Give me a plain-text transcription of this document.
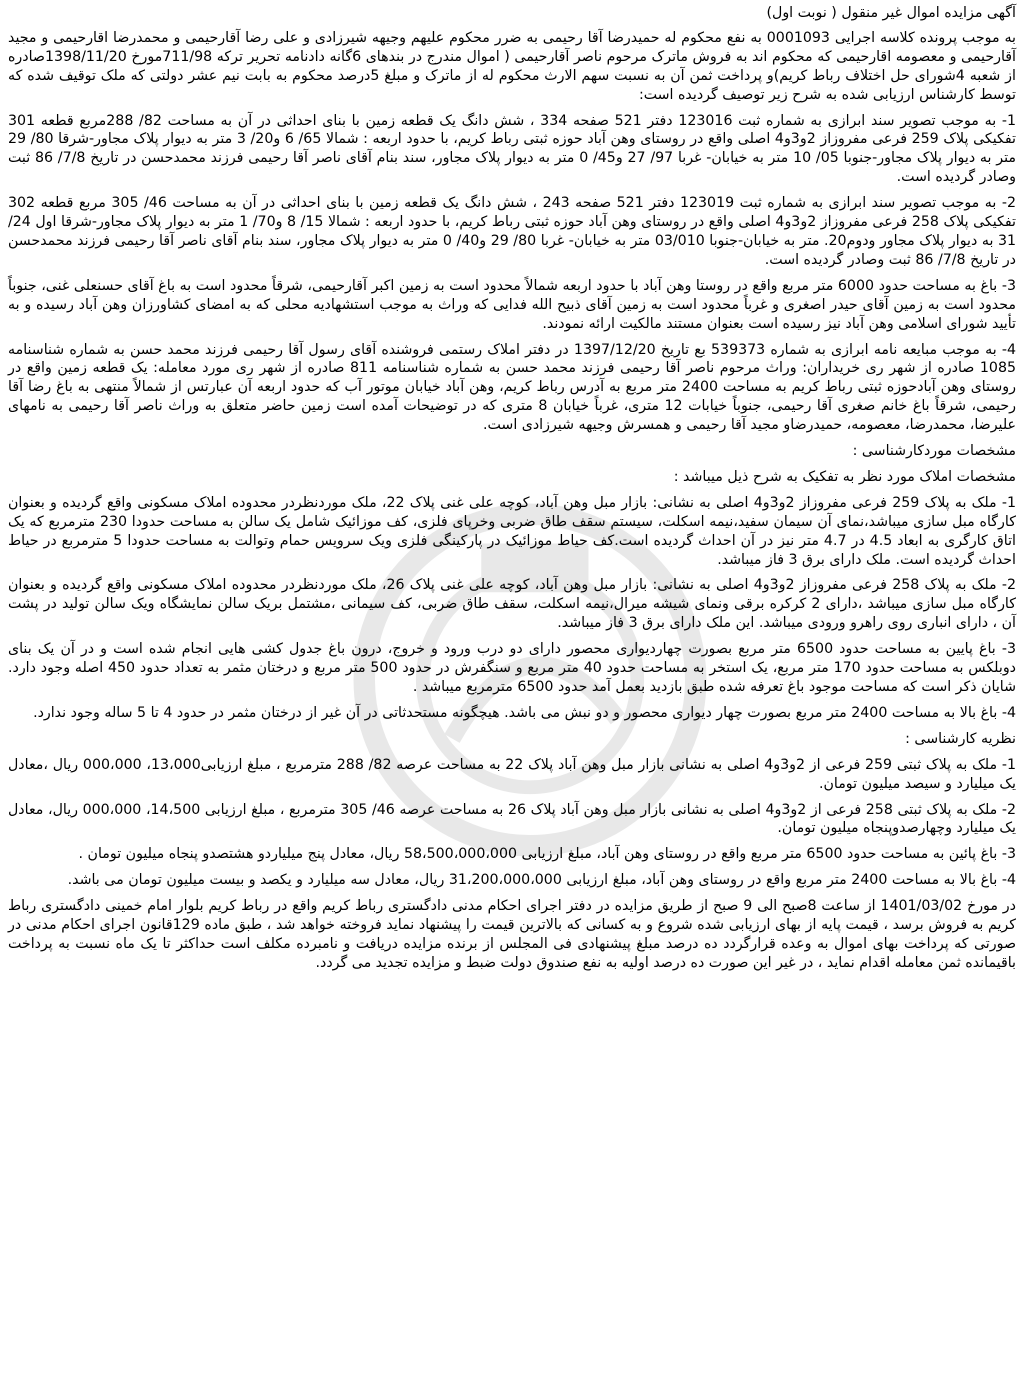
آگهی مزایده اموال غیر منقول ( نوبت اول)

به موجب پرونده کلاسه اجرایی 0001093 به نفع محکوم له حمیدرضا آقا رحیمی به ضرر محکوم علیهم وجیهه شیرزادی و علی رضا آقارحیمی و محمدرضا اقارحیمی و مجید آقارحیمی و معصومه اقارحیمی که محکوم اند به فروش ماترک مرحوم ناصر آقارحیمی ( اموال مندرج در بندهای 6گانه دادنامه تحریر ترکه 711/98مورخ 1398/11/20صادره از شعبه 4شورای حل اختلاف رباط کریم)و پرداخت ثمن آن به نسبت سهم الارث محکوم له از ماترک و مبلغ 5درصد محکوم به بابت نیم عشر دولتی که ملک توقیف شده که توسط کارشناس ارزیابی شده به شرح زیر توصیف گردیده است:

1- به موجب تصویر سند ابرازی به شماره ثبت 123016 دفتر 521 صفحه 334 ، شش دانگ یک قطعه زمین با بنای احداثی در آن به مساحت 82/ 288مربع قطعه 301 تفکیکی پلاک 259 فرعی مفروزاز 2و3و4 اصلی واقع در روستای وهن آباد حوزه ثبتی رباط کریم، با حدود اربعه : شمالا 65/ 6 و20/ 3 متر به دیوار پلاک مجاور-شرقا 80/ 29 متر به دیوار پلاک مجاور-جنوبا 05/ 10 متر به خیابان- غربا 97/ 27 و45/ 0 متر به دیوار پلاک مجاور، سند بنام آقای ناصر آقا رحیمی فرزند محمدحسن در تاریخ 7/8/ 86 ثبت وصادر گردیده است.

2- به موجب تصویر سند ابرازی به شماره ثبت 123019 دفتر 521 صفحه 243 ، شش دانگ یک قطعه زمین با بنای احداثی در آن به مساحت 46/ 305 مربع قطعه 302 تفکیکی پلاک 258 فرعی مفروزاز 2و3و4 اصلی واقع در روستای وهن آباد حوزه ثبتی رباط کریم، با حدود اربعه : شمالا 15/ 8 و70/ 1 متر به دیوار پلاک مجاور-شرقا اول 24/ 31 به دیوار پلاک مجاور ودوم20. متر به خیابان-جنوبا 03/010 متر به خیابان- غربا 80/ 29 و40/ 0 متر به دیوار پلاک مجاور، سند بنام آقای ناصر آقا رحیمی فرزند محمدحسن در تاریخ 7/8/ 86 ثبت وصادر گردیده است.

3- باغ به مساحت حدود 6000 متر مربع واقع در روستا وهن آباد با حدود اربعه شمالاً محدود است به زمین اکبر آقارحیمی، شرقاً محدود است به باغ آقای حسنعلی غنی، جنوباً محدود است به زمین آقای حیدر اصغری و غرباً محدود است به زمین آقای ذبیح الله فدایی که وراث به موجب استشهادیه محلی که به امضای کشاورزان وهن آباد رسیده و به تأیید شورای اسلامی وهن آباد نیز رسیده است بعنوان مستند مالکیت ارائه نمودند.

4- به موجب مبایعه نامه ابرازی به شماره 539373 بع تاریخ 1397/12/20 در دفتر املاک رستمی فروشنده آقای رسول آقا رحیمی فرزند محمد حسن به شماره شناسنامه 1085 صادره از شهر ری خریداران: وراث مرحوم ناصر آقا رحیمی فرزند محمد حسن به شماره شناسنامه 811 صادره از شهر ری مورد معامله: یک قطعه زمین واقع در روستای وهن آبادحوزه ثبتی رباط کریم به مساحت 2400 متر مربع به آدرس رباط کریم، وهن آباد خیابان موتور آب که حدود اربعه آن عبارتس از شمالاً منتهی به باغ رضا آقا رحیمی، شرقاً باغ خانم صغری آقا رحیمی، جنوباً خیابات 12 متری، غرباً خیابان 8 متری که در توضیحات آمده است زمین حاضر متعلق به وراث ناصر آقا رحیمی به نامهای علیرضا، محمدرضا، معصومه، حمیدرضاو مجید آقا رحیمی و همسرش وجیهه شیرزادی است.

مشخصات موردکارشناسی :
مشخصات املاک مورد نظر به تفکیک به شرح ذیل میباشد :

1- ملک به پلاک 259 فرعی مفروزاز 2و3و4 اصلی به نشانی: بازار مبل وهن آباد، کوچه علی غنی پلاک 22، ملک موردنظردر محدوده املاک مسکونی واقع گردیده و بعنوان کارگاه مبل سازی میباشد،نمای آن سیمان سفید،نیمه اسکلت، سیستم سقف طاق ضربی وخرپای فلزی، کف موزائیک شامل یک سالن به مساحت حدودا 230 مترمربع که یک اتاق کارگری به ابعاد 4.5 در 4.7 متر نیز در آن احداث گردیده است.کف حیاط موزائیک در پارکینگی فلزی ویک سرویس حمام وتوالت به مساحت حدودا 5 مترمربع در حیاط احداث گردیده است. ملک دارای برق 3 فاز میباشد.

2- ملک به پلاک 258 فرعی مفروزاز 2و3و4 اصلی به نشانی: بازار مبل وهن آباد، کوچه علی غنی پلاک 26، ملک موردنظردر محدوده املاک مسکونی واقع گردیده و بعنوان کارگاه مبل سازی میباشد ،دارای 2 کرکره برقی ونمای شیشه میرال،نیمه اسکلت، سقف طاق ضربی، کف سیمانی ،مشتمل بریک سالن نمایشگاه ویک سالن تولید در پشت آن ، دارای انباری روی راهرو ورودی میباشد. این ملک دارای برق 3 فاز میباشد.

3- باغ پایین به مساحت حدود 6500 متر مربع بصورت چهاردیواری محصور دارای دو درب ورود و خروج، درون باغ جدول کشی هایی انجام شده است و در آن یک بنای دوبلکس به مساحت حدود 170 متر مربع، یک استخر به مساحت حدود 40 متر مربع و سنگفرش در حدود 500 متر مربع و درختان مثمر به تعداد حدود 450 اصله وجود دارد. شایان ذکر است که مساحت موجود باغ تعرفه شده طبق بازدید بعمل آمد حدود 6500 مترمربع میباشد .

4- باغ بالا به مساحت 2400 متر مربع بصورت چهار دیواری محصور و دو نبش می باشد. هیچگونه مستحدثاتی در آن غیر از درختان مثمر در حدود 4 تا 5 ساله وجود ندارد.

نظریه کارشناسی :

1- ملک به پلاک ثبتی 259 فرعی از 2و3و4 اصلی به نشانی بازار مبل وهن آباد پلاک 22 به مساحت عرصه 82/ 288 مترمربع ، مبلغ ارزیابی13،000، 000،000 ریال ،معادل یک میلیارد و سیصد میلیون تومان.

2- ملک به پلاک ثبتی 258 فرعی از 2و3و4 اصلی به نشانی بازار مبل وهن آباد پلاک 26 به مساحت عرصه 46/ 305 مترمربع ، مبلغ ارزیابی 14،500، 000،000 ریال، معادل یک میلیارد وچهارصدوپنجاه میلیون تومان.

3- باغ پائین به مساحت حدود 6500 متر مربع واقع در روستای وهن آباد، مبلغ ارزیابی 58،500،000،000 ریال، معادل پنج میلیاردو هشتصدو پنجاه میلیون تومان .

4- باغ بالا به مساحت 2400 متر مربع واقع در روستای وهن آباد، مبلغ ارزیابی 31،200،000،000 ریال، معادل سه میلیارد و یکصد و بیست میلیون تومان می باشد.

در مورخ 1401/03/02 از ساعت 8صبح الی 9 صبح از طریق مزایده در دفتر اجرای احکام مدنی دادگستری رباط کریم واقع در رباط کریم بلوار امام خمینی دادگستری رباط کریم به فروش برسد ، قیمت پایه از بهای ارزیابی شده شروع و به کسانی که بالاترین قیمت را پیشنهاد نماید فروخته خواهد شد ، طبق ماده 129قانون اجرای احکام مدنی در صورتی که پرداخت بهای اموال به وعده قرارگردد ده درصد مبلغ پیشنهادی فی المجلس از برنده مزایده دریافت و نامبرده مکلف است حداکثر تا یک ماه نسبت به پرداخت باقیمانده ثمن معامله اقدام نماید ، در غیر این صورت ده درصد اولیه به نفع صندوق دولت ضبط و مزایده تجدید می گردد.
